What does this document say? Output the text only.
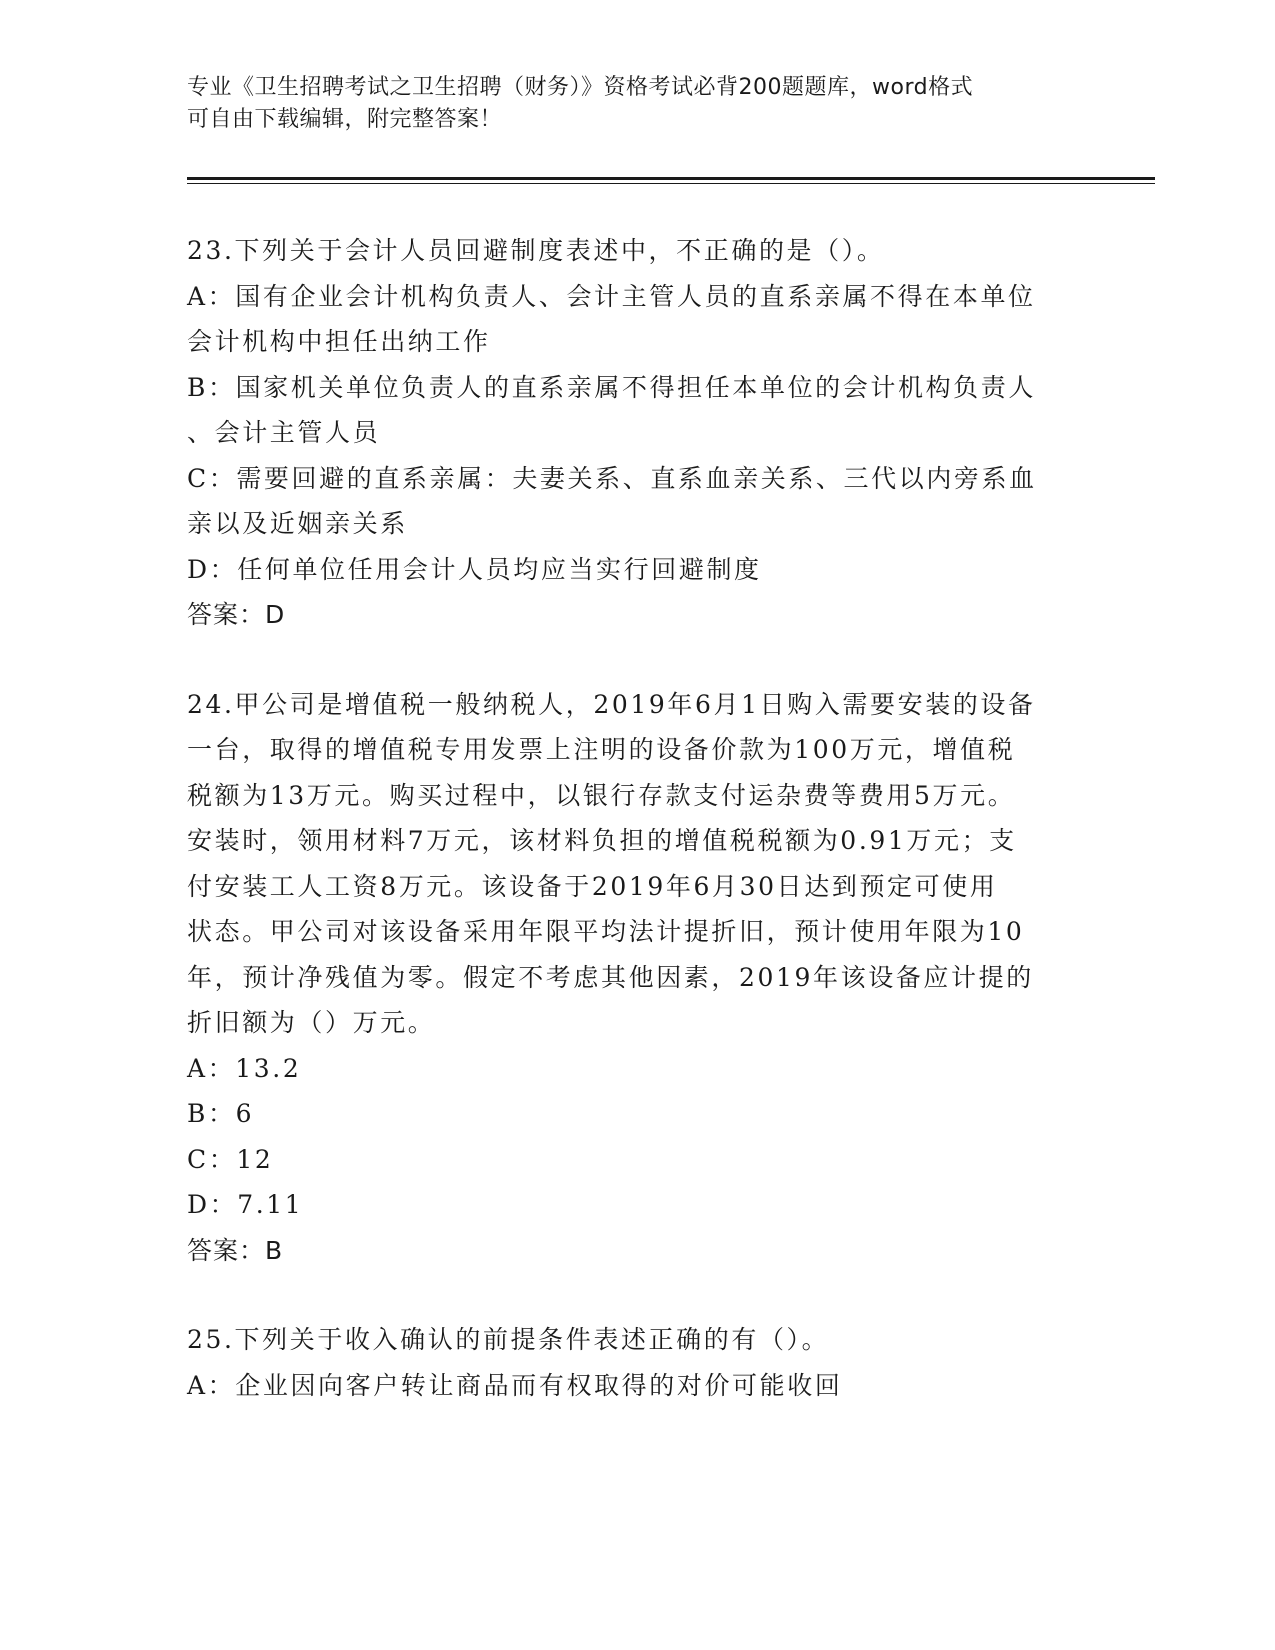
专业《卫生招聘考试之卫生招聘（财务）》资格考试必背200题题库，word格式
可自由下载编辑，附完整答案！

23.下列关于会计人员回避制度表述中，不正确的是（）。

A：国有企业会计机构负责人、会计主管人员的直系亲属不得在本单位

会计机构中担任出纳工作

B：国家机关单位负责人的直系亲属不得担任本单位的会计机构负责人

、会计主管人员

C：需要回避的直系亲属：夫妻关系、直系血亲关系、三代以内旁系血

亲以及近姻亲关系

D：任何单位任用会计人员均应当实行回避制度

答案：D

24.甲公司是增值税一般纳税人，2019年6月1日购入需要安装的设备

一台，取得的增值税专用发票上注明的设备价款为100万元，增值税

税额为13万元。购买过程中，以银行存款支付运杂费等费用5万元。

安装时，领用材料7万元，该材料负担的增值税税额为0.91万元；支

付安装工人工资8万元。该设备于2019年6月30日达到预定可使用

状态。甲公司对该设备采用年限平均法计提折旧，预计使用年限为10

年，预计净残值为零。假定不考虑其他因素，2019年该设备应计提的

折旧额为（）万元。

A：13.2

B：6

C：12

D：7.11

答案：B

25.下列关于收入确认的前提条件表述正确的有（）。

A：企业因向客户转让商品而有权取得的对价可能收回
